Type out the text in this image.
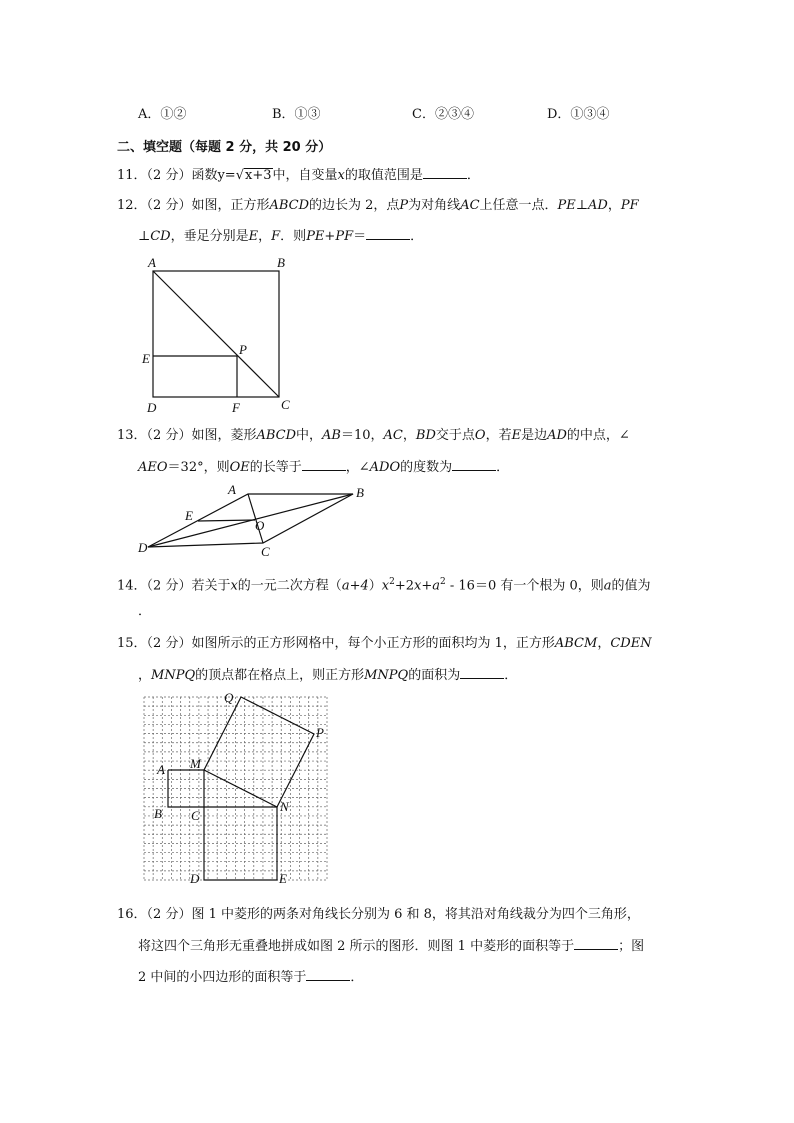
A．①②	B．①③	C．②③④	D．①③④
二、填空题（每题 2 分，共 20 分）
11．（2 分）函数y=√x+3中，自变量x的取值范围是	．
12．（2 分）如图，正方形ABCD的边长为 2，点P为对角线AC上任意一点．PE⊥AD，PF
⊥CD，垂足分别是E，F．则PE+PF＝	．
A	B
C
D
E
F
P
13．（2 分）如图，菱形ABCD中，AB＝10，AC，BD交于点O，若E是边AD的中点，∠
AEO＝32°，则OE的长等于	，∠ADO的度数为	．
A	B
C
D
E
O
14．（2 分）若关于x的一元二次方程$(a+4)x^2+2x+a^2 - 16=0$ 有一个根为 0，则a的值为
．
15．（2 分）如图所示的正方形网格中，每个小正方形的面积均为 1，正方形ABCM，CDEN
，MNPQ的顶点都在格点上，则正方形MNPQ的面积为	．
Q
P
A M
B C
N
D	E
16．（2 分）图 1 中菱形的两条对角线长分别为 6 和 8，将其沿对角线裁分为四个三角形，
将这四个三角形无重叠地拼成如图 2 所示的图形．则图 1 中菱形的面积等于	；图
2 中间的小四边形的面积等于	．
